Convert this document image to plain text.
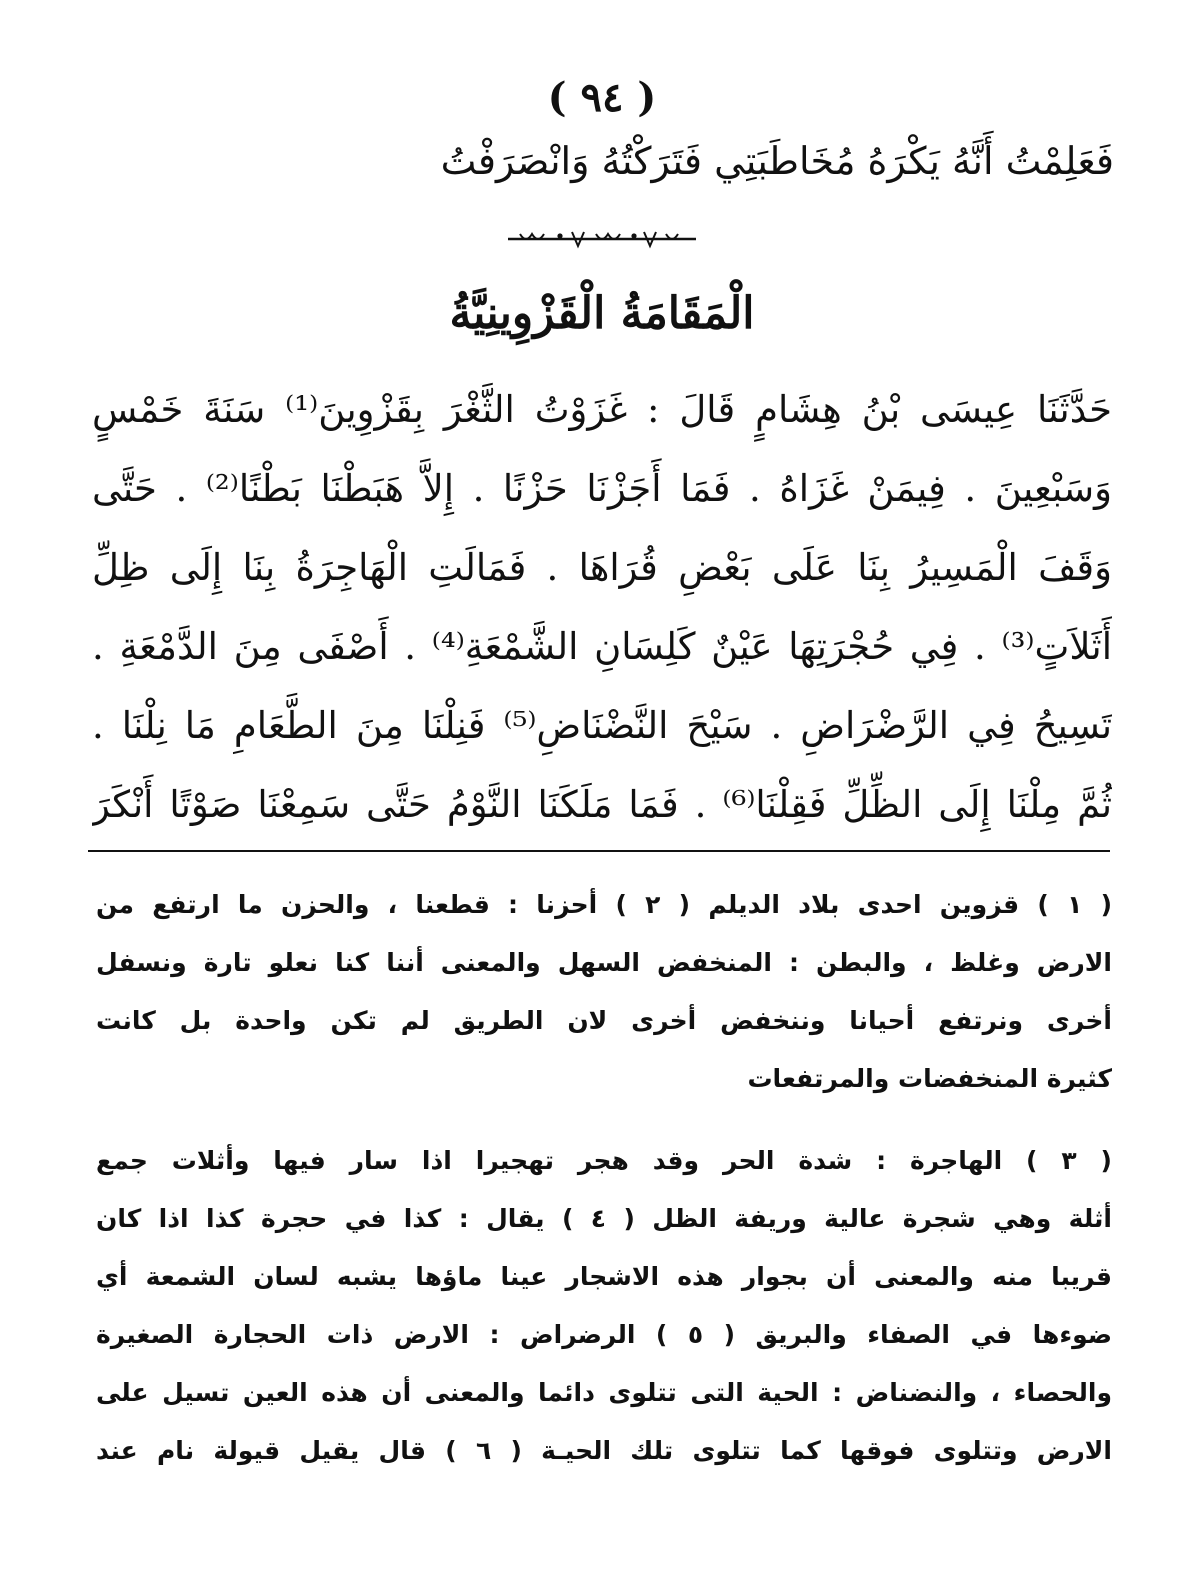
( ٩٤ )
فَعَلِمْتُ أَنَّهُ يَكْرَهُ مُخَاطَبَتِي فَتَرَكْتُهُ وَانْصَرَفْتُ
الْمَقَامَةُ الْقَزْوِينِيَّةُ
حَدَّثَنَا عِيسَى بْنُ هِشَامٍ قَالَ : غَزَوْتُ الثَّغْرَ بِقَزْوِينَ⁽¹⁾ سَنَةَ خَمْسٍ
وَسَبْعِينَ . فِيمَنْ غَزَاهُ . فَمَا أَجَزْنَا حَزْنًا . إِلاَّ هَبَطْنَا بَطْنًا⁽²⁾ . حَتَّى
وَقَفَ الْمَسِيرُ بِنَا عَلَى بَعْضِ قُرَاهَا . فَمَالَتِ الْهَاجِرَةُ بِنَا إِلَى ظِلِّ
أَثَلاَتٍ⁽³⁾ . فِي حُجْرَتِهَا عَيْنٌ كَلِسَانِ الشَّمْعَةِ⁽⁴⁾ . أَصْفَى مِنَ الدَّمْعَةِ .
تَسِيحُ فِي الرَّضْرَاضِ . سَيْحَ النَّضْنَاضِ⁽⁵⁾ فَنِلْنَا مِنَ الطَّعَامِ مَا نِلْنَا .
ثُمَّ مِلْنَا إِلَى الظِّلِّ فَقِلْنَا⁽⁶⁾ . فَمَا مَلَكَنَا النَّوْمُ حَتَّى سَمِعْنَا صَوْتًا أَنْكَرَ
( ١ ) قزوين احدى بلاد الديلم ( ٢ ) أحزنا : قطعنا ، والحزن ما ارتفع من
الارض وغلظ ، والبطن : المنخفض السهل والمعنى أننا كنا نعلو تارة ونسفل
أخرى ونرتفع أحيانا وننخفض أخرى لان الطريق لم تكن واحدة بل كانت
كثيرة المنخفضات والمرتفعات
( ٣ ) الهاجرة : شدة الحر وقد هجر تهجيرا اذا سار فيها وأثلات جمع
أثلة وهي شجرة عالية وريفة الظل ( ٤ ) يقال : كذا في حجرة كذا اذا كان
قريبا منه والمعنى أن بجوار هذه الاشجار عينا ماؤها يشبه لسان الشمعة أي
ضوءها في الصفاء والبريق ( ٥ ) الرضراض : الارض ذات الحجارة الصغيرة
والحصاء ، والنضناض : الحية التى تتلوى دائما والمعنى أن هذه العين تسيل على
الارض وتتلوى فوقها كما تتلوى تلك الحيـة ( ٦ ) قال يقيل قيولة نام عند
